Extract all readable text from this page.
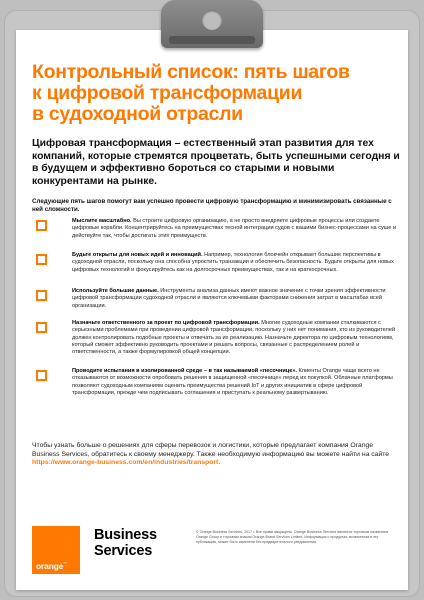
Контрольный список: пять шагов
к цифровой трансформации
в судоходной отрасли
Цифровая трансформация – естественный этап развития для тех компаний, которые стремятся процветать, быть успешными сегодня и в будущем и эффективно бороться со старыми и новыми конкурентами на рынке.
Следующие пять шагов помогут вам успешно провести цифровую трансформацию и минимизировать связанные с ней сложности.
Мыслите масштабно. Вы строите цифровую организацию, а не просто внедряете цифровые процессы или создаете цифровые корабли. Концентрируйтесь на преимуществах тесной интеграции судов с вашими бизнес-процессами на суше и действуйте так, чтобы достигать этих преимуществ.
Будьте открыты для новых идей и инноваций. Например, технология блокчейн открывает большие перспективы в судоходной отрасли, поскольку она способна упростить транзакции и обеспечить безопасность. Будьте открыты для новых цифровых технологий и фокусируйтесь как на долгосрочных преимуществах, так и на краткосрочных.
Используйте большие данные. Инструменты анализа данных имеют важное значение с точки зрения эффективности цифровой трансформации судоходной отрасли и являются ключевыми факторами снижения затрат в масштабах всей организации.
Назначьте ответственного за проект по цифровой трансформации. Многие судоходные компании сталкиваются с серьезными проблемами при проведении цифровой трансформации, поскольку у них нет понимания, кто из руководителей должен контролировать подобные проекты и отвечать за их реализацию. Назначьте директора по цифровым технологиям, который сможет эффективно руководить проектами и решать вопросы, связанные с распределением ролей и ответственности, а также формулировкой общей концепции.
Проводите испытания в изолированной среде – в так называемой «песочнице». Клиенты Orange чаще всего не отказываются от возможности опробовать решения в защищенной «песочнице» перед их покупкой. Облачные платформы позволяют судоходным компаниям оценить преимущества решений IoT и других инициатив в сфере цифровой трансформации, прежде чем подписывать соглашения и приступать к реальному развертыванию.
Чтобы узнать больше о решениях для сферы перевозок и логистики, которые предлагает компания Orange Business Services, обратитесь к своему менеджеру. Также необходимую информацию вы можете найти на сайте
https://www.orange-business.com/en/industries/transport.
orange™
Business
Services
© Orange Business Services, 2017 г. Все права защищены. Orange Business Services является торговым названием Orange Group и торговым знаком Orange Brand Services Limited. Информация о продуктах, включенная в эту публикацию, может быть изменена без предварительного уведомления.
